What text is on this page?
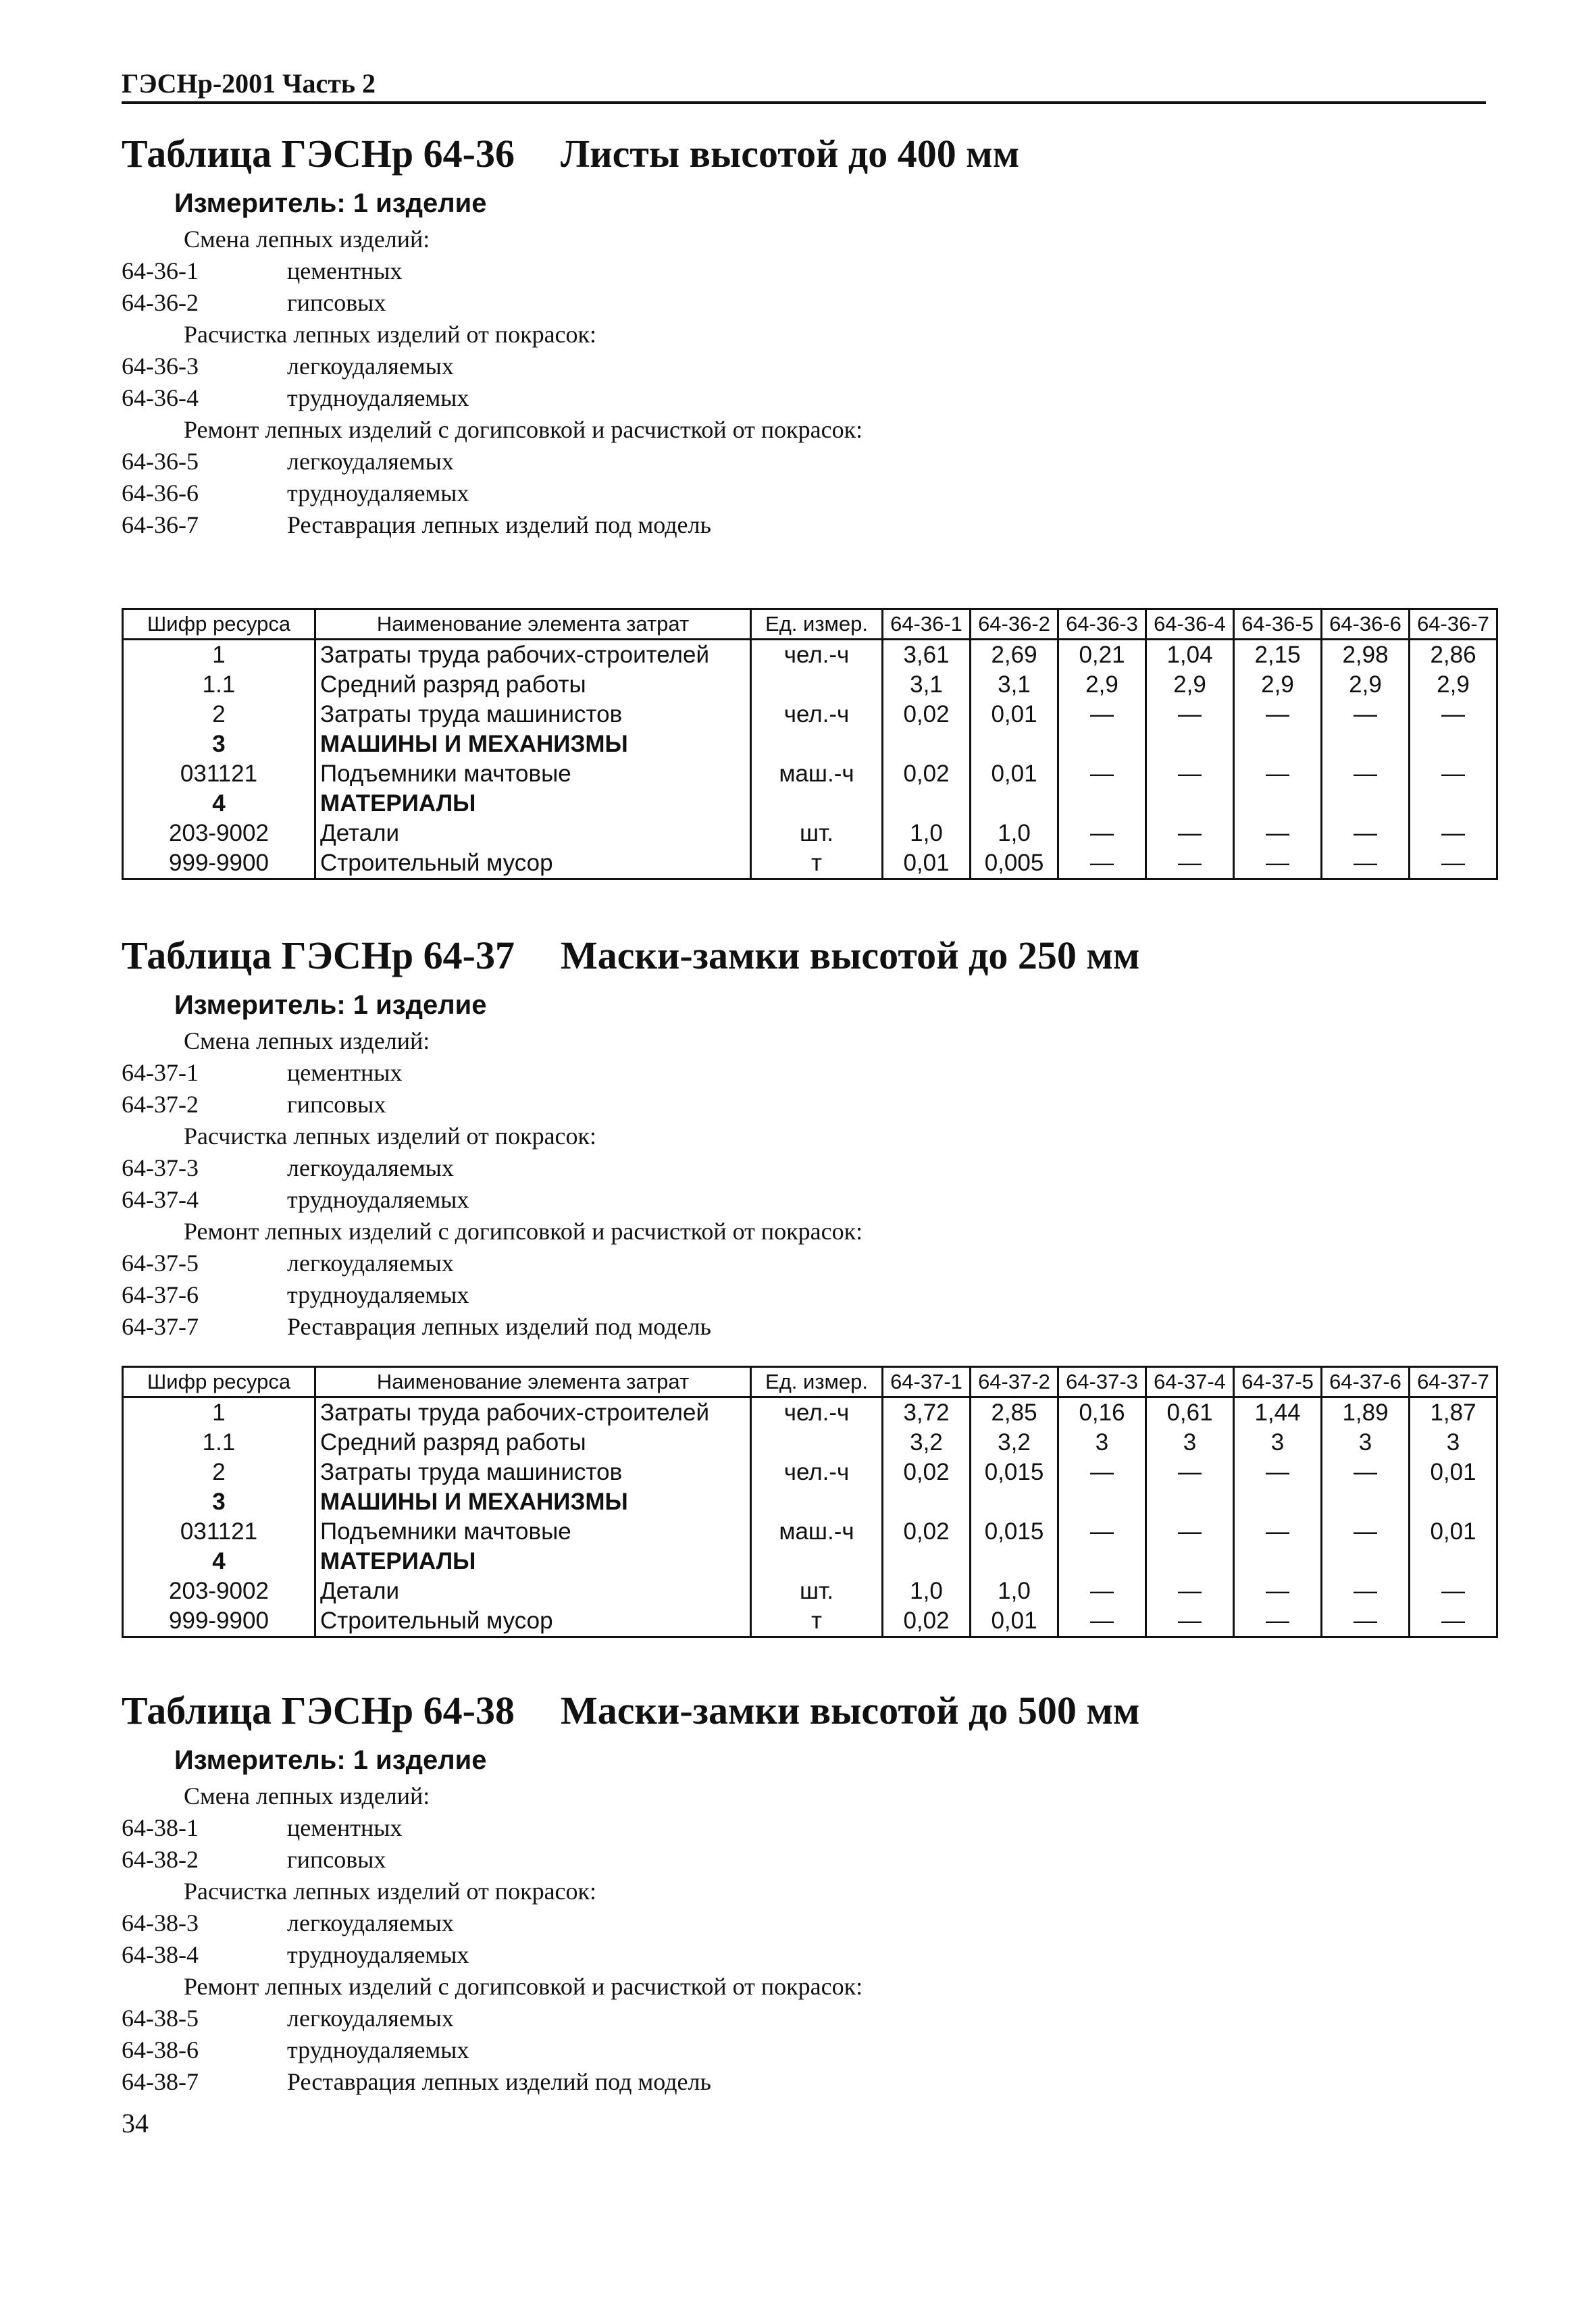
ГЭСНр-2001 Часть 2
Таблица ГЭСНр 64-36 Листы высотой до 400 мм
Измеритель: 1 изделие
Смена лепных изделий:
64-36-1	цементных
64-36-2	гипсовых
Расчистка лепных изделий от покрасок:
64-36-3	легкоудаляемых
64-36-4	трудноудаляемых
Ремонт лепных изделий с догипсовкой и расчисткой от покрасок:
64-36-5	легкоудаляемых
64-36-6	трудноудаляемых
64-36-7	Реставрация лепных изделий под модель
Шифр ресурса	Наименование элемента затрат	Ед. измер.	64-36-1	64-36-2	64-36-3	64-36-4	64-36-5	64-36-6	64-36-7
1	Затраты труда рабочих-строителей	чел.-ч	3,61	2,69	0,21	1,04	2,15	2,98	2,86
1.1	Средний разряд работы		3,1	3,1	2,9	2,9	2,9	2,9	2,9
2	Затраты труда машинистов	чел.-ч	0,02	0,01	—	—	—	—	—
3	МАШИНЫ И МЕХАНИЗМЫ								
031121	Подъемники мачтовые	маш.-ч	0,02	0,01	—	—	—	—	—
4	МАТЕРИАЛЫ								
203-9002	Детали	шт.	1,0	1,0	—	—	—	—	—
999-9900	Строительный мусор	т	0,01	0,005	—	—	—	—	—
Таблица ГЭСНр 64-37 Маски-замки высотой до 250 мм
Измеритель: 1 изделие
Смена лепных изделий:
64-37-1	цементных
64-37-2	гипсовых
Расчистка лепных изделий от покрасок:
64-37-3	легкоудаляемых
64-37-4	трудноудаляемых
Ремонт лепных изделий с догипсовкой и расчисткой от покрасок:
64-37-5	легкоудаляемых
64-37-6	трудноудаляемых
64-37-7	Реставрация лепных изделий под модель
Шифр ресурса	Наименование элемента затрат	Ед. измер.	64-37-1	64-37-2	64-37-3	64-37-4	64-37-5	64-37-6	64-37-7
1	Затраты труда рабочих-строителей	чел.-ч	3,72	2,85	0,16	0,61	1,44	1,89	1,87
1.1	Средний разряд работы		3,2	3,2	3	3	3	3	3
2	Затраты труда машинистов	чел.-ч	0,02	0,015	—	—	—	—	0,01
3	МАШИНЫ И МЕХАНИЗМЫ								
031121	Подъемники мачтовые	маш.-ч	0,02	0,015	—	—	—	—	0,01
4	МАТЕРИАЛЫ								
203-9002	Детали	шт.	1,0	1,0	—	—	—	—	—
999-9900	Строительный мусор	т	0,02	0,01	—	—	—	—	—
Таблица ГЭСНр 64-38 Маски-замки высотой до 500 мм
Измеритель: 1 изделие
Смена лепных изделий:
64-38-1	цементных
64-38-2	гипсовых
Расчистка лепных изделий от покрасок:
64-38-3	легкоудаляемых
64-38-4	трудноудаляемых
Ремонт лепных изделий с догипсовкой и расчисткой от покрасок:
64-38-5	легкоудаляемых
64-38-6	трудноудаляемых
64-38-7	Реставрация лепных изделий под модель
34
